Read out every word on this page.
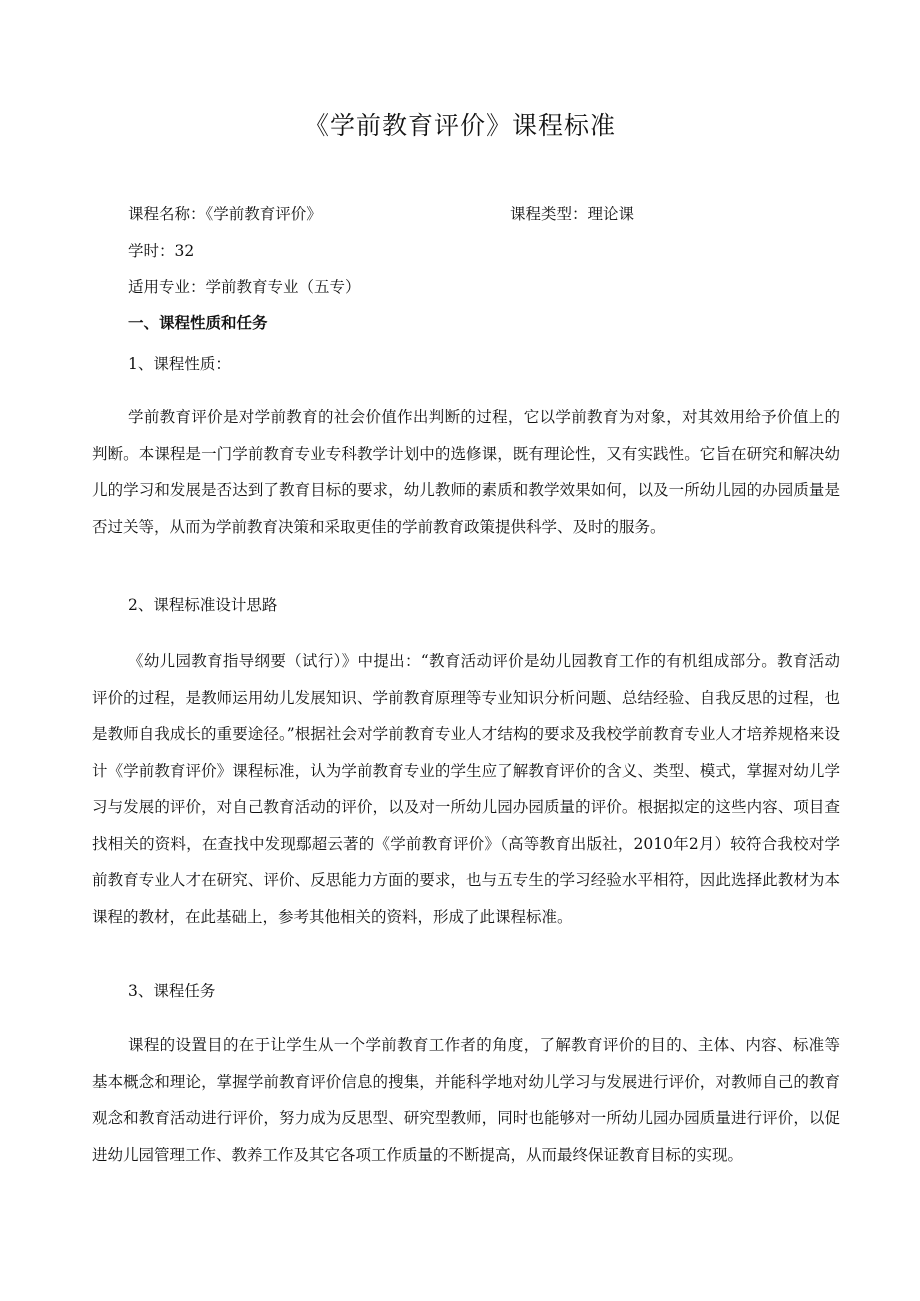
《学前教育评价》课程标准
课程名称：《学前教育评价》	课程类型：理论课
学时：32
适用专业：学前教育专业（五专）
一、课程性质和任务
1、课程性质：
学前教育评价是对学前教育的社会价值作出判断的过程，它以学前教育为对象，对其效用给予价值上的判断。本课程是一门学前教育专业专科教学计划中的选修课，既有理论性，又有实践性。它旨在研究和解决幼儿的学习和发展是否达到了教育目标的要求，幼儿教师的素质和教学效果如何，以及一所幼儿园的办园质量是否过关等，从而为学前教育决策和采取更佳的学前教育政策提供科学、及时的服务。
2、课程标准设计思路
《幼儿园教育指导纲要（试行）》中提出：“教育活动评价是幼儿园教育工作的有机组成部分。教育活动评价的过程，是教师运用幼儿发展知识、学前教育原理等专业知识分析问题、总结经验、自我反思的过程，也是教师自我成长的重要途径。”根据社会对学前教育专业人才结构的要求及我校学前教育专业人才培养规格来设计《学前教育评价》课程标准，认为学前教育专业的学生应了解教育评价的含义、类型、模式，掌握对幼儿学习与发展的评价，对自己教育活动的评价，以及对一所幼儿园办园质量的评价。根据拟定的这些内容、项目查找相关的资料，在查找中发现鄢超云著的《学前教育评价》（高等教育出版社，2010年2月）较符合我校对学前教育专业人才在研究、评价、反思能力方面的要求，也与五专生的学习经验水平相符，因此选择此教材为本课程的教材，在此基础上，参考其他相关的资料，形成了此课程标准。
3、课程任务
课程的设置目的在于让学生从一个学前教育工作者的角度，了解教育评价的目的、主体、内容、标准等基本概念和理论，掌握学前教育评价信息的搜集，并能科学地对幼儿学习与发展进行评价，对教师自己的教育观念和教育活动进行评价，努力成为反思型、研究型教师，同时也能够对一所幼儿园办园质量进行评价，以促进幼儿园管理工作、教养工作及其它各项工作质量的不断提高，从而最终保证教育目标的实现。
